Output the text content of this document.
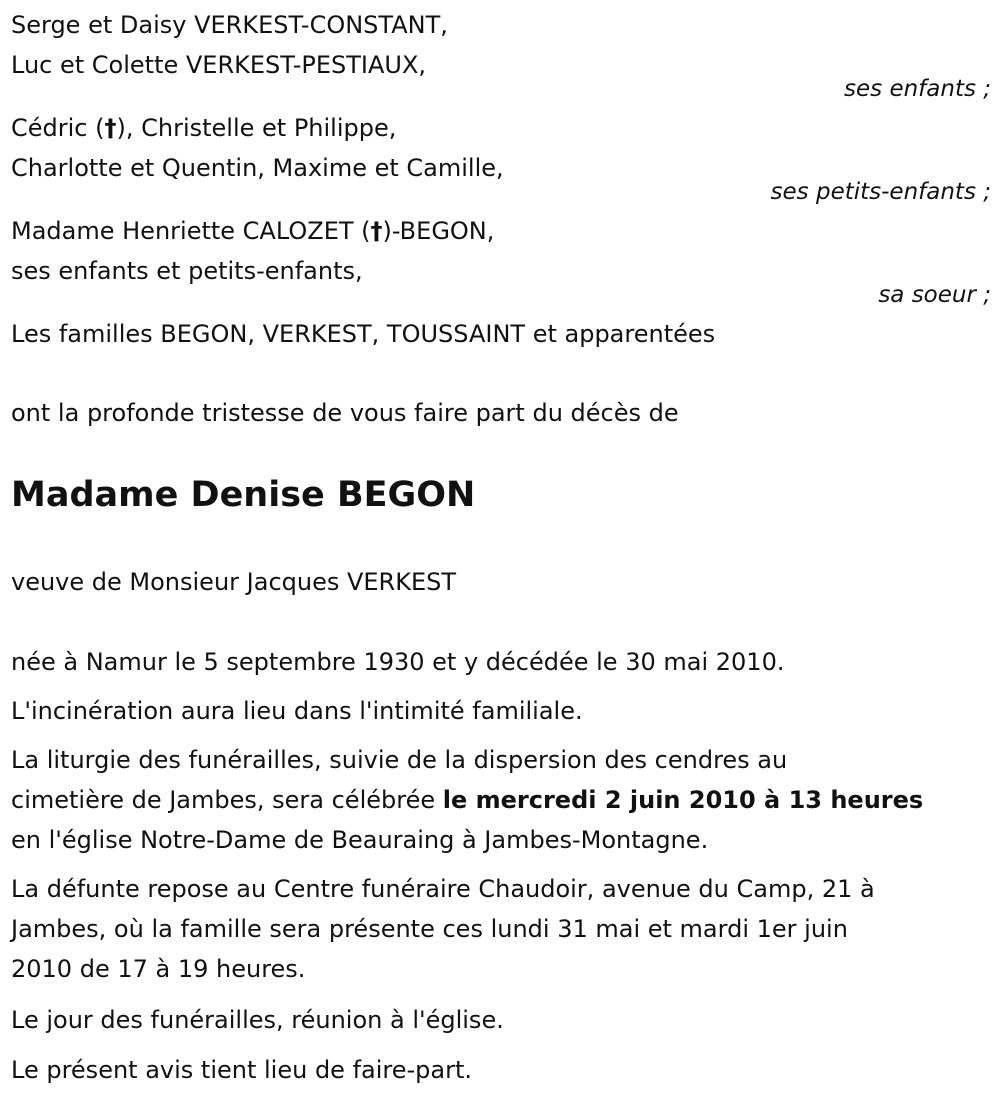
Serge et Daisy VERKEST-CONSTANT,
Luc et Colette VERKEST-PESTIAUX,
ses enfants ;
Cédric (†), Christelle et Philippe,
Charlotte et Quentin, Maxime et Camille,
ses petits-enfants ;
Madame Henriette CALOZET (†)-BEGON,
ses enfants et petits-enfants,
sa soeur ;
Les familles BEGON, VERKEST, TOUSSAINT et apparentées
ont la profonde tristesse de vous faire part du décès de
Madame Denise BEGON
veuve de Monsieur Jacques VERKEST
née à Namur le 5 septembre 1930 et y décédée le 30 mai 2010.
L'incinération aura lieu dans l'intimité familiale.
La liturgie des funérailles, suivie de la dispersion des cendres au
cimetière de Jambes, sera célébrée le mercredi 2 juin 2010 à 13 heures
en l'église Notre-Dame de Beauraing à Jambes-Montagne.
La défunte repose au Centre funéraire Chaudoir, avenue du Camp, 21 à
Jambes, où la famille sera présente ces lundi 31 mai et mardi 1er juin
2010 de 17 à 19 heures.
Le jour des funérailles, réunion à l'église.
Le présent avis tient lieu de faire-part.
